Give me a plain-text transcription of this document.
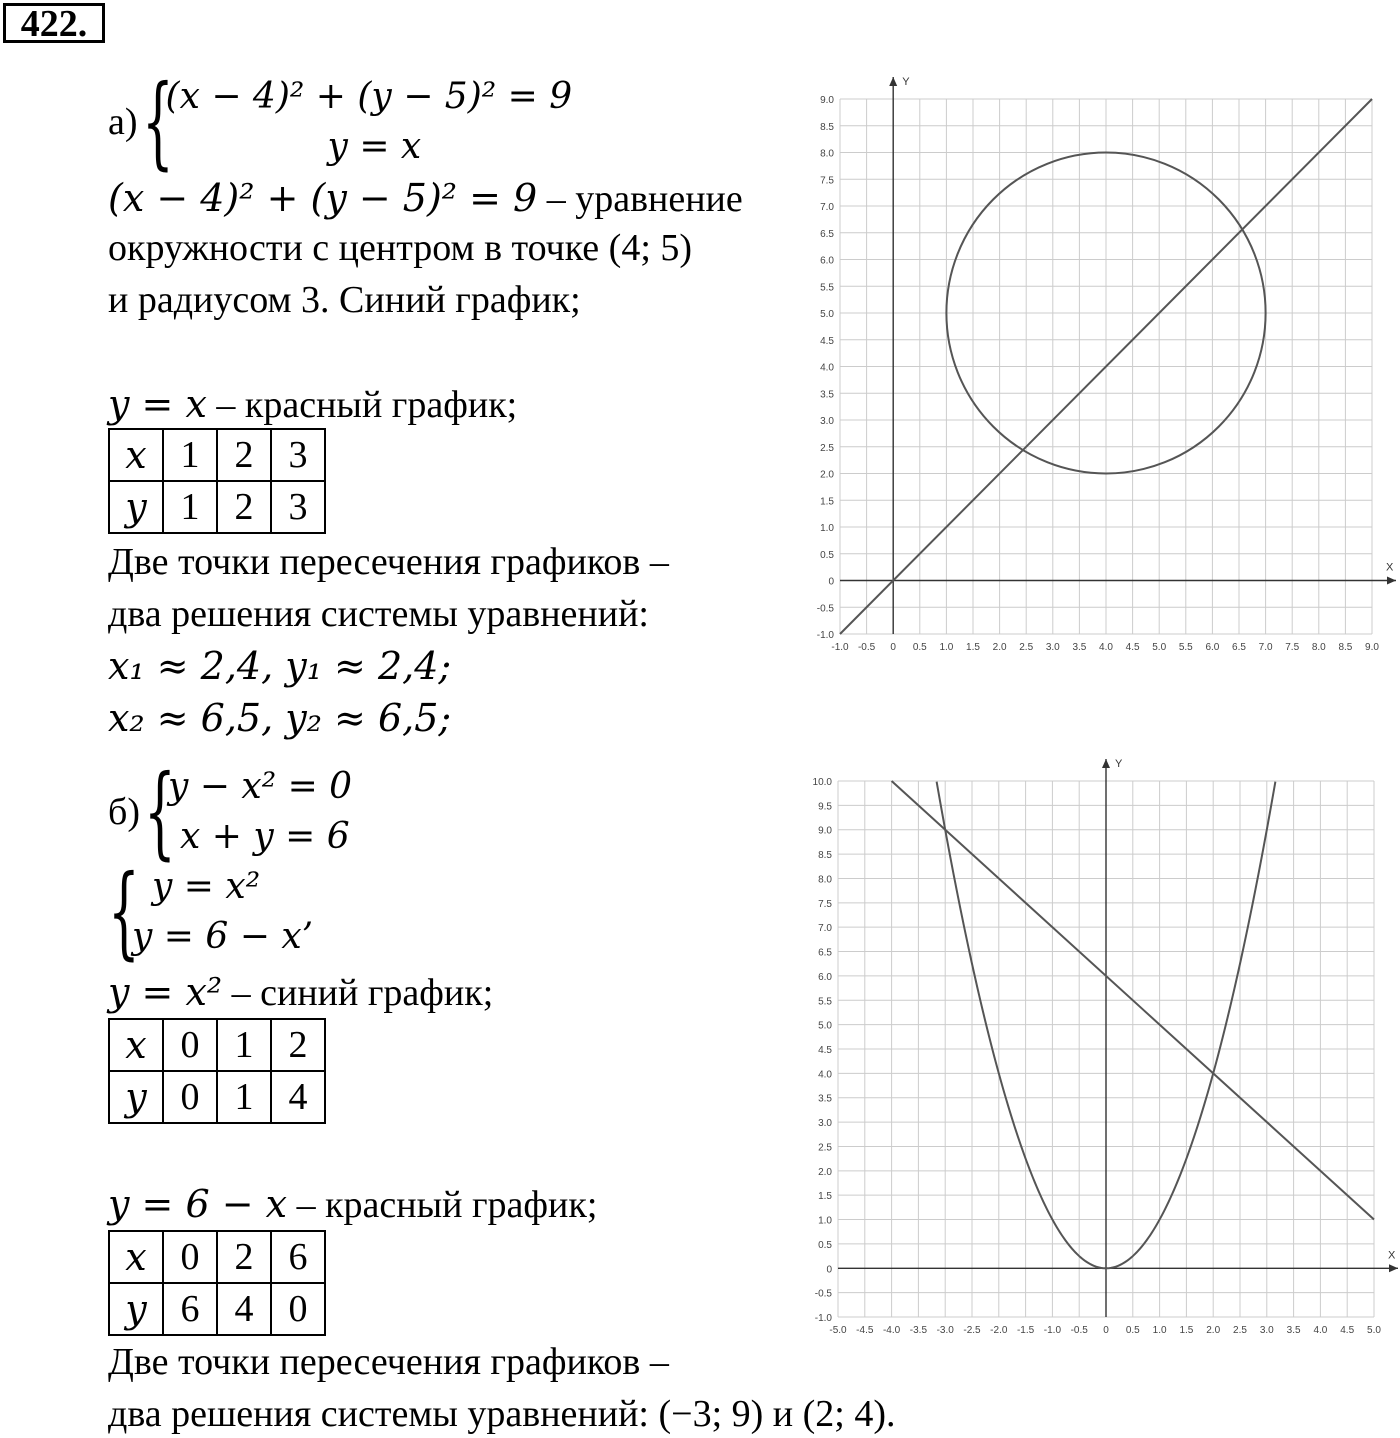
422.
а){
(x − 4)² + (y − 5)² = 9
y = x
(x − 4)² + (y − 5)² = 9 – уравнение
окружности с центром в точке (4; 5)
и радиусом 3. Синий график;
y = x – красный график;
x	1	2	3
y	1	2	3
Две точки пересечения графиков –
два решения системы уравнений:
x₁ ≈ 2,4, y₁ ≈ 2,4;
x₂ ≈ 6,5, y₂ ≈ 6,5;
б){
y − x² = 0
x + y = 6
{ y = x²
y = 6 − x’
y = x² – синий график;
x	0	1	2
y	0	1	4
y = 6 − x – красный график;
x	0	2	6
y	6	4	0
Две точки пересечения графиков –
два решения системы уравнений: (−3; 9) и (2; 4).
X
Y
-1.0 -0.5 0 0.5 1.0 1.5 2.0 2.5 3.0 3.5 4.0 4.5 5.0 5.5 6.0 6.5 7.0 7.5 8.0 8.5 9.0
-1.0
-0.5
0
0.5
1.0
1.5
2.0
2.5
3.0
3.5
4.0
4.5
5.0
5.5
6.0
6.5
7.0
7.5
8.0
8.5
9.0
X
Y
-5.0 -4.5 -4.0 -3.5 -3.0 -2.5 -2.0 -1.5 -1.0 -0.5 0 0.5 1.0 1.5 2.0 2.5 3.0 3.5 4.0 4.5 5.0
-1.0
-0.5
0
0.5
1.0
1.5
2.0
2.5
3.0
3.5
4.0
4.5
5.0
5.5
6.0
6.5
7.0
7.5
8.0
8.5
9.0
9.5
10.0
